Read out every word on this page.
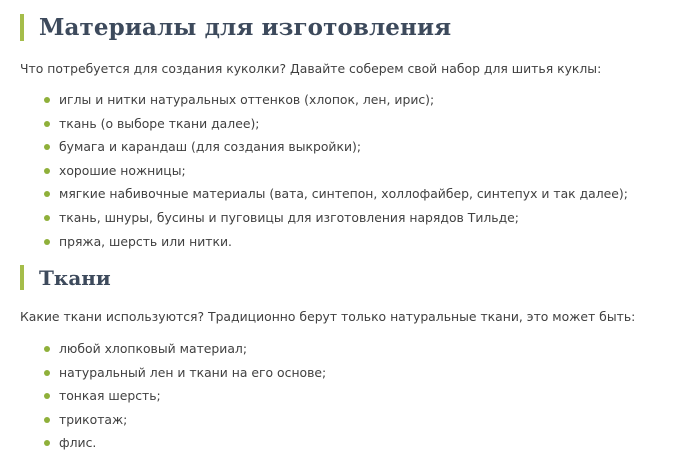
Материалы для изготовления

Что потребуется для создания куколки? Давайте соберем свой набор для шитья куклы:

иглы и нитки натуральных оттенков (хлопок, лен, ирис);
ткань (о выборе ткани далее);
бумага и карандаш (для создания выкройки);
хорошие ножницы;
мягкие набивочные материалы (вата, синтепон, холлофайбер, синтепух и так далее);
ткань, шнуры, бусины и пуговицы для изготовления нарядов Тильде;
пряжа, шерсть или нитки.
Ткани

Какие ткани используются? Традиционно берут только натуральные ткани, это может быть:

любой хлопковый материал;
натуральный лен и ткани на его основе;
тонкая шерсть;
трикотаж;
флис.
